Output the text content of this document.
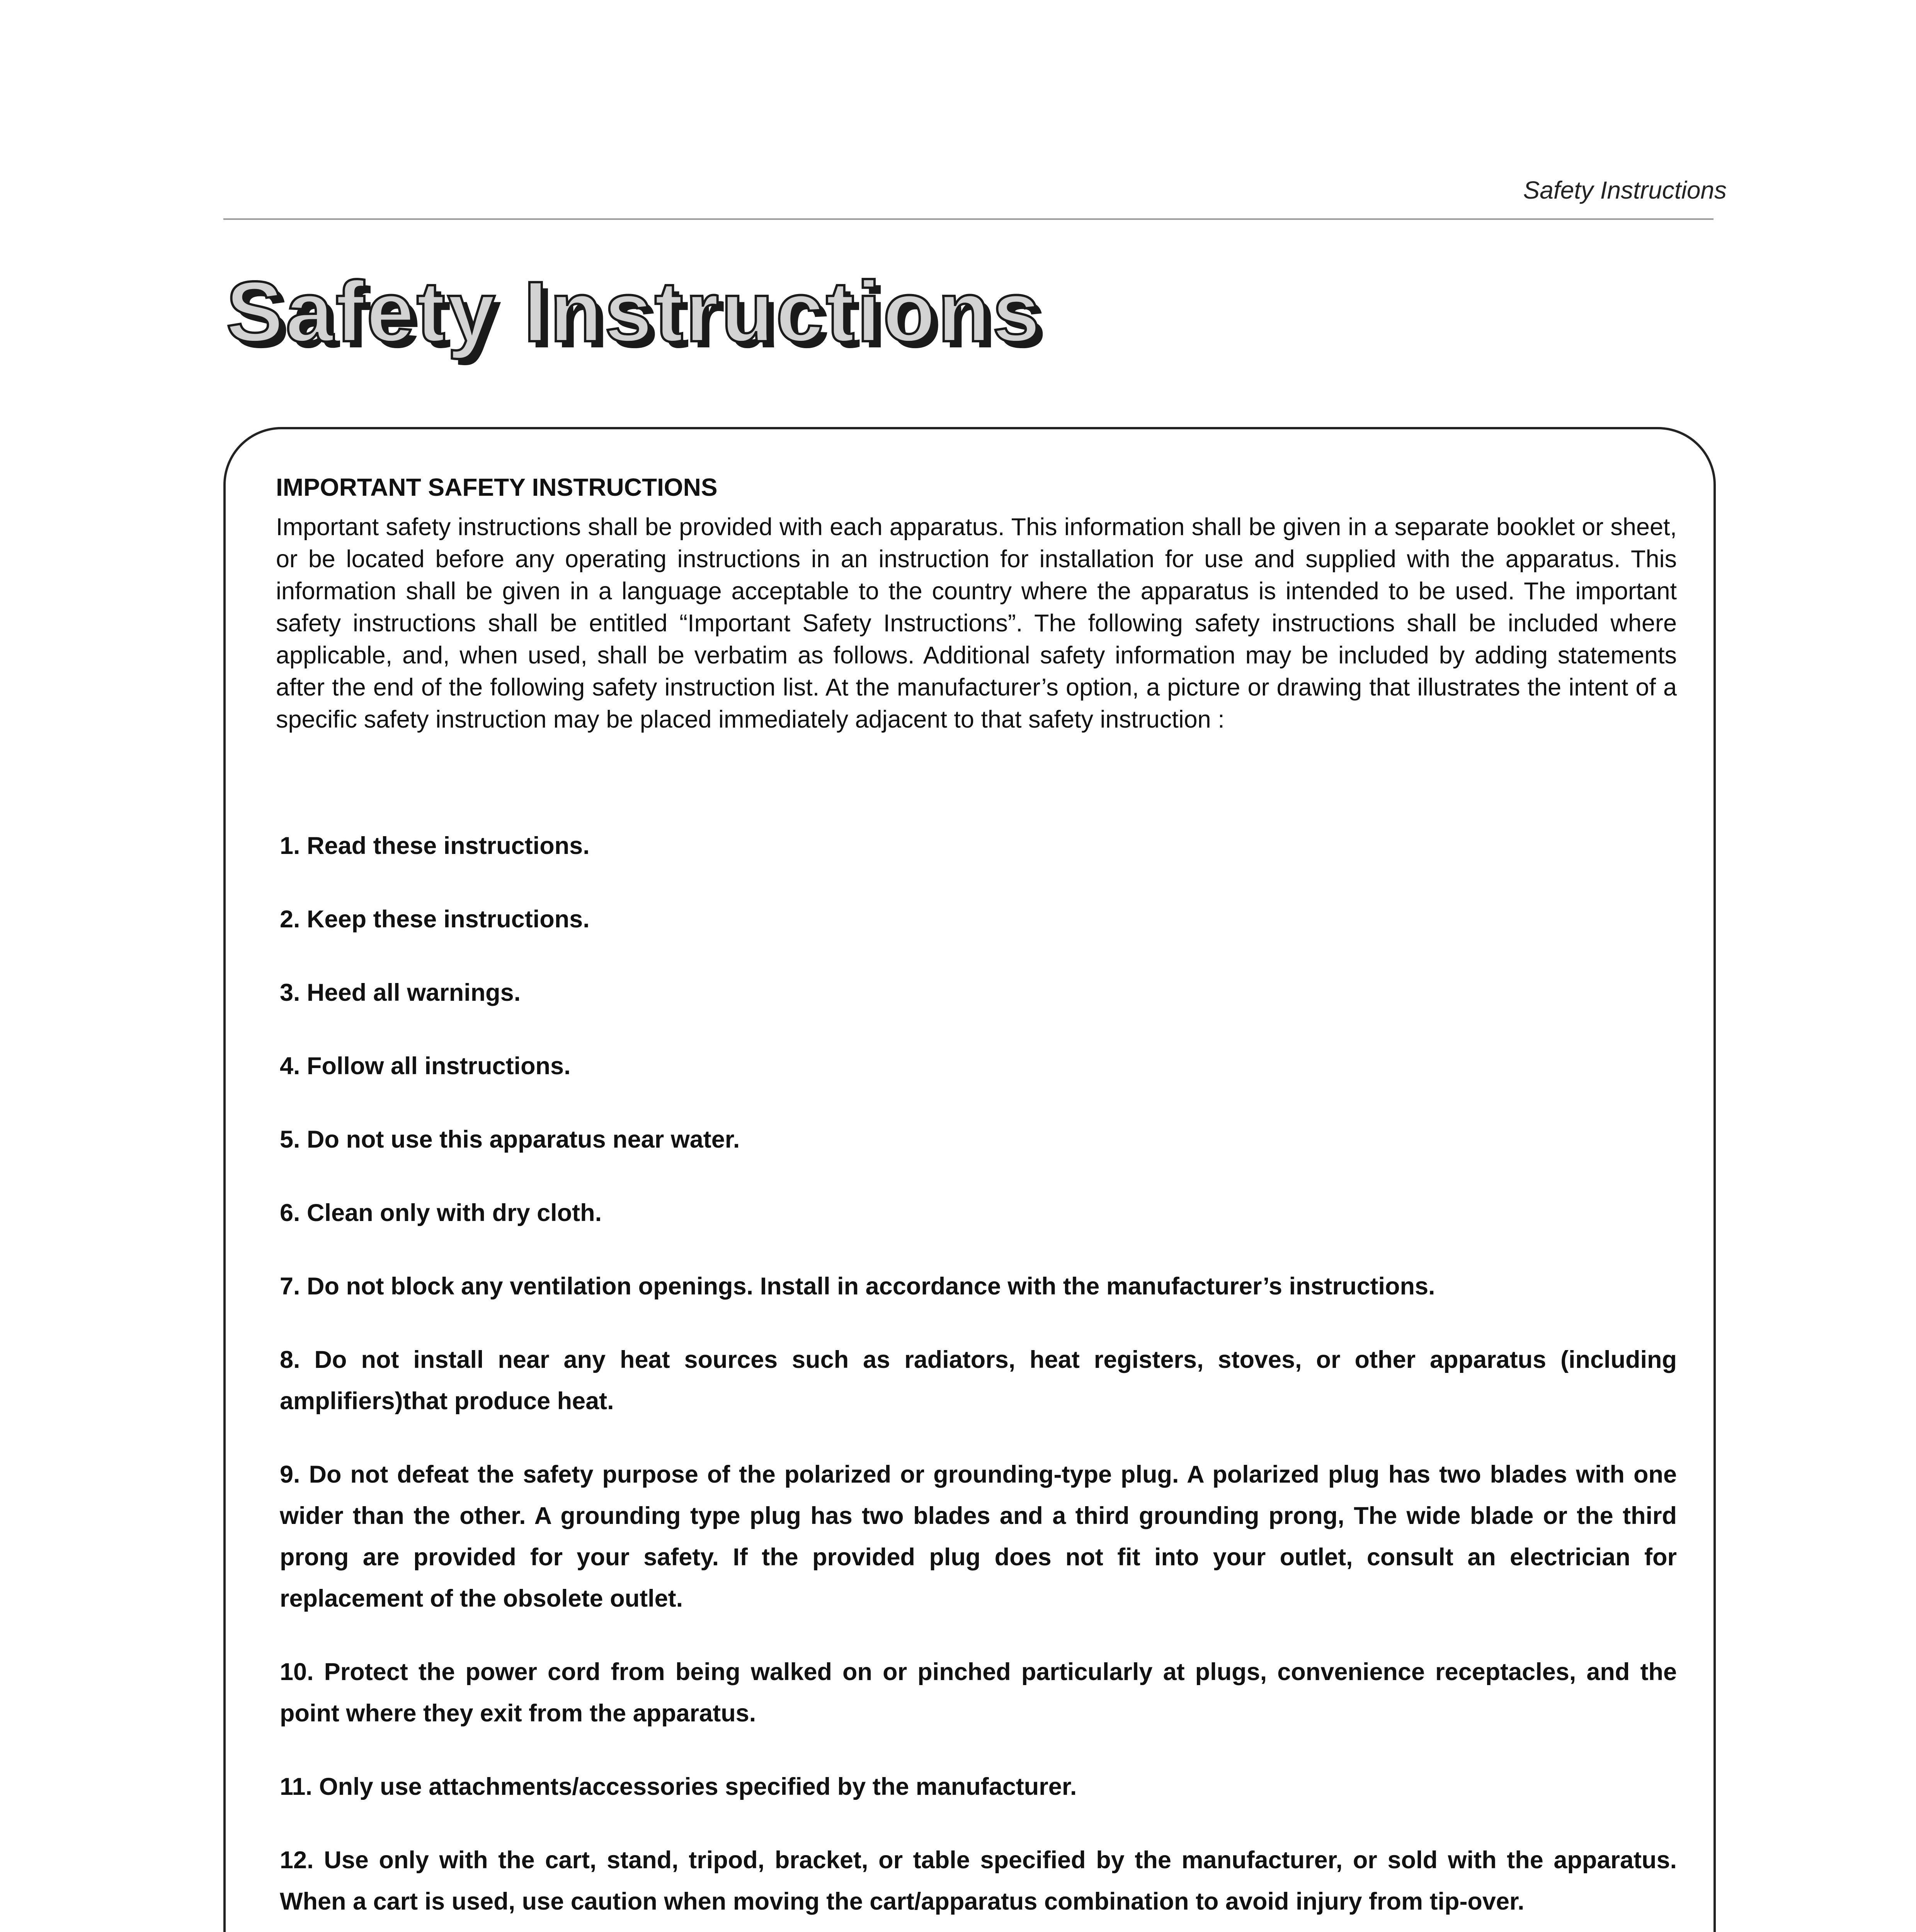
Safety Instructions
Safety Instructions
IMPORTANT SAFETY INSTRUCTIONS

Important safety instructions shall be provided with each apparatus. This information shall be given in a separate booklet or sheet, or be located before any operating instructions in an instruction for installation for use and supplied with the apparatus. This information shall be given in a language acceptable to the country where the apparatus is intended to be used. The important safety instructions shall be entitled “Important Safety Instructions”. The following safety instructions shall be included where applicable, and, when used, shall be verbatim as follows. Additional safety information may be included by adding statements after the end of the following safety instruction list. At the manufacturer’s option, a picture or drawing that illustrates the intent of a specific safety instruction may be placed immediately adjacent to that safety instruction :

1. Read these instructions.
2. Keep these instructions.
3. Heed all warnings.
4. Follow all instructions.
5. Do not use this apparatus near water.
6. Clean only with dry cloth.
7. Do not block any ventilation openings. Install in accordance with the manufacturer’s instructions.
8. Do not install near any heat sources such as radiators, heat registers, stoves, or other apparatus (including amplifiers)that produce heat.
9. Do not defeat the safety purpose of the polarized or grounding-type plug. A polarized plug has two blades with one wider than the other. A grounding type plug has two blades and a third grounding prong, The wide blade or the third prong are provided for your safety. If the provided plug does not fit into your outlet, consult an electrician for replacement of the obsolete outlet.
10. Protect the power cord from being walked on or pinched particularly at plugs, convenience receptacles, and the point where they exit from the apparatus.
11. Only use attachments/accessories specified by the manufacturer.
12. Use only with the cart, stand, tripod, bracket, or table specified by the manufacturer, or sold with the apparatus. When a cart is used, use caution when moving the cart/apparatus combination to avoid injury from tip-over.
